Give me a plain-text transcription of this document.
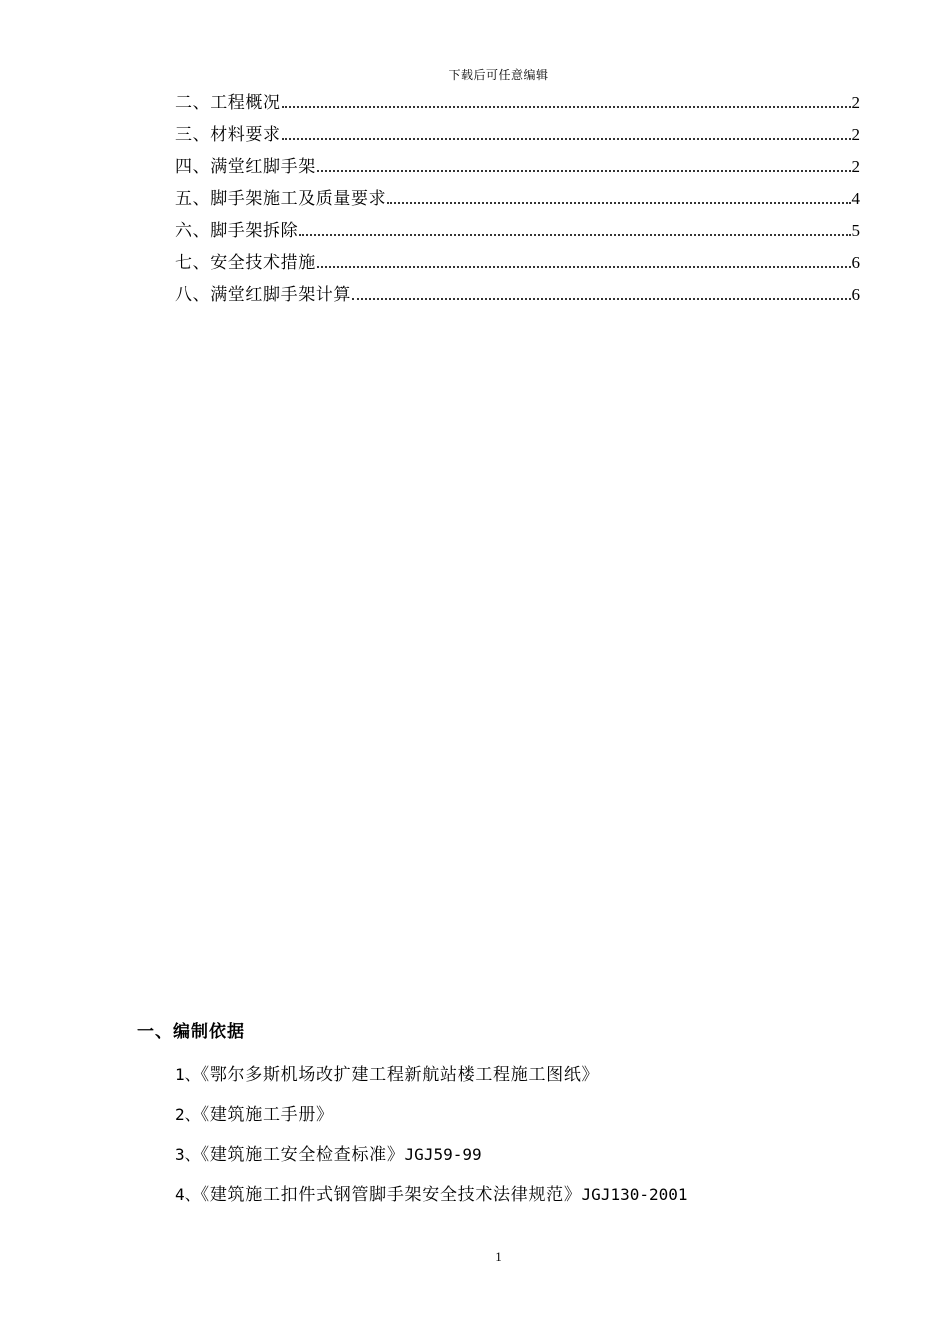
下载后可任意编辑
二、工程概况	2
三、材料要求	2
四、满堂红脚手架	2
五、脚手架施工及质量要求	4
六、脚手架拆除	5
七、安全技术措施	6
八、满堂红脚手架计算	6
一、编制依据
1、《鄂尔多斯机场改扩建工程新航站楼工程施工图纸》
2、《建筑施工手册》
3、《建筑施工安全检查标准》JGJ59-99
4、《建筑施工扣件式钢管脚手架安全技术法律规范》JGJ130-2001
1
